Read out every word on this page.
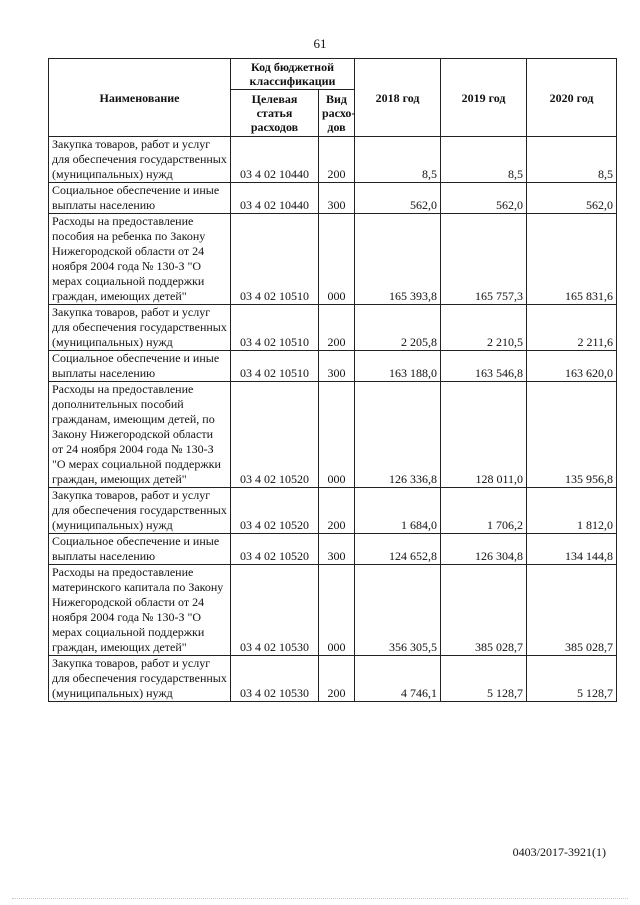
61
Наименование	Код бюджетной классификации		2018 год	2019 год	2020 год
	Целевая статья расходов	Вид расхо-дов			
Закупка товаров, работ и услуг для обеспечения государственных (муниципальных) нужд	03 4 02 10440	200	8,5	8,5	8,5
Социальное обеспечение и иные выплаты населению	03 4 02 10440	300	562,0	562,0	562,0
Расходы на предоставление пособия на ребенка по Закону Нижегородской области от 24 ноября 2004 года № 130-З "О мерах социальной поддержки граждан, имеющих детей"	03 4 02 10510	000	165 393,8	165 757,3	165 831,6
Закупка товаров, работ и услуг для обеспечения государственных (муниципальных) нужд	03 4 02 10510	200	2 205,8	2 210,5	2 211,6
Социальное обеспечение и иные выплаты населению	03 4 02 10510	300	163 188,0	163 546,8	163 620,0
Расходы на предоставление дополнительных пособий гражданам, имеющим детей, по Закону Нижегородской области от 24 ноября 2004 года № 130-З "О мерах социальной поддержки граждан, имеющих детей"	03 4 02 10520	000	126 336,8	128 011,0	135 956,8
Закупка товаров, работ и услуг для обеспечения государственных (муниципальных) нужд	03 4 02 10520	200	1 684,0	1 706,2	1 812,0
Социальное обеспечение и иные выплаты населению	03 4 02 10520	300	124 652,8	126 304,8	134 144,8
Расходы на предоставление материнского капитала по Закону Нижегородской области от 24 ноября 2004 года № 130-З "О мерах социальной поддержки граждан, имеющих детей"	03 4 02 10530	000	356 305,5	385 028,7	385 028,7
Закупка товаров, работ и услуг для обеспечения государственных (муниципальных) нужд	03 4 02 10530	200	4 746,1	5 128,7	5 128,7
0403/2017-3921(1)
